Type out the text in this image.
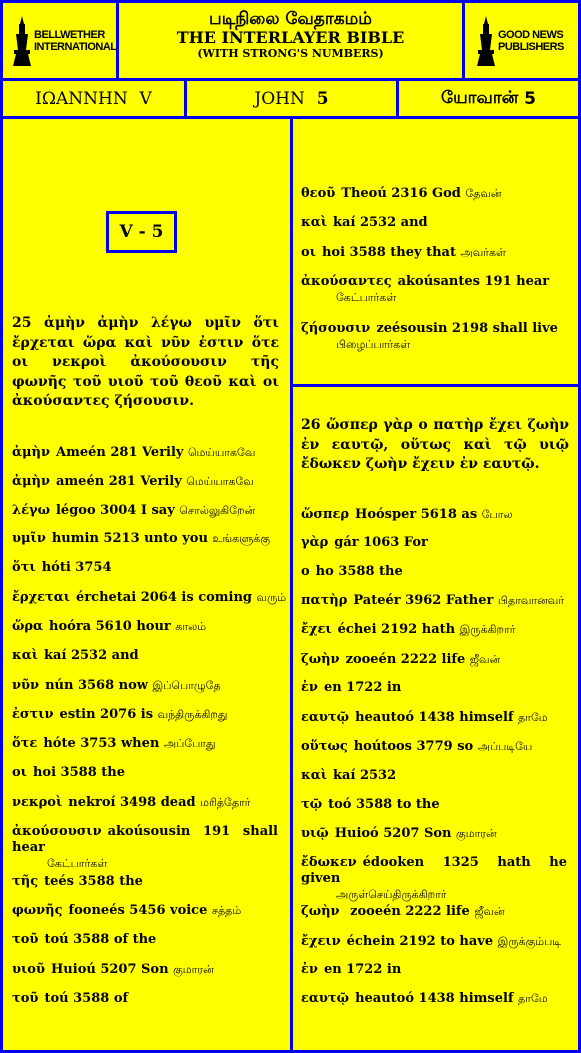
BELLWETHER INTERNATIONAL
படிநிலை வேதாகமம்
THE INTERLAYER BIBLE
(WITH STRONG'S NUMBERS)
GOOD NEWS PUBLISHERS
ΙΩΑΝΝΗΝ
V	JOHN
5	யோவான்
5
V - 5
25 ἀμὴν ἀμὴν λέγω υμῖν ὅτι ἔρχεται ὥρα καὶ νῦν ἐστιν ὅτε οι νεκροὶ ἀκούσουσιν τῆς φωνῆς τοῦ υιοῦ τοῦ θεοῦ καὶ οι ἀκούσαντες ζήσουσιν.
ἀμὴν Ameén 281 Verily மெய்யாகவே
ἀμὴν ameén 281 Verily மெய்யாகவே
λέγω légoo 3004 I say சொல்லுகிறேன்
υμῖν humin 5213 unto you உங்களுக்கு
ὅτι hóti 3754
ἔρχεται érchetai 2064 is coming வரும்
ὥρα hoóra 5610 hour காலம்
καὶ kaí 2532 and
νῦν nún 3568 now இப்பொழுதே
ἐστιν estin 2076 is வந்திருக்கிறது
ὅτε hóte 3753 when அப்போது
οι hoi 3588 the
νεκροὶ nekroí 3498 dead மரித்தோர்
ἀκούσουσιν akoúsousin 191 shall hear
கேட்பார்கள்
τῆς teés 3588 the
φωνῆς fooneés 5456 voice சத்தம்
τοῦ toú 3588 of the
υιοῦ Huioú 5207 Son குமாரன்
τοῦ toú 3588 of
θεοῦ Theoú 2316 God தேவன்
καὶ kaí 2532 and
οι hoi 3588 they that அவர்கள்
ἀκούσαντες akoúsantes 191 hear
கேட்பார்கள்
ζήσουσιν zeésousin 2198 shall live
பிழைப்பார்கள்
26 ὥσπερ γὰρ ο πατὴρ ἔχει ζωὴν ἐν εαυτῷ, οὕτως καὶ τῷ υιῷ ἔδωκεν ζωὴν ἔχειν ἐν εαυτῷ.
ὥσπερ Hoósper 5618 as போல
γὰρ gár 1063 For
ο ho 3588 the
πατὴρ Pateér 3962 Father பிதாவானவர்
ἔχει échei 2192 hath இருக்கிறார்
ζωὴν zooeén 2222 life ஜீவன்
ἐν en 1722 in
εαυτῷ heautoó 1438 himself தாமே
οὕτως hoútoos 3779 so அப்படியே
καὶ kaí 2532
τῷ toó 3588 to the
υιῷ Huioó 5207 Son குமாரன்
ἔδωκεν édooken 1325 hath he given
அருள்செய்திருக்கிறார்
ζωὴν zooeén 2222 life ஜீவன்
ἔχειν échein 2192 to have இருக்கும்படி
ἐν en 1722 in
εαυτῷ heautoó 1438 himself தாமே
